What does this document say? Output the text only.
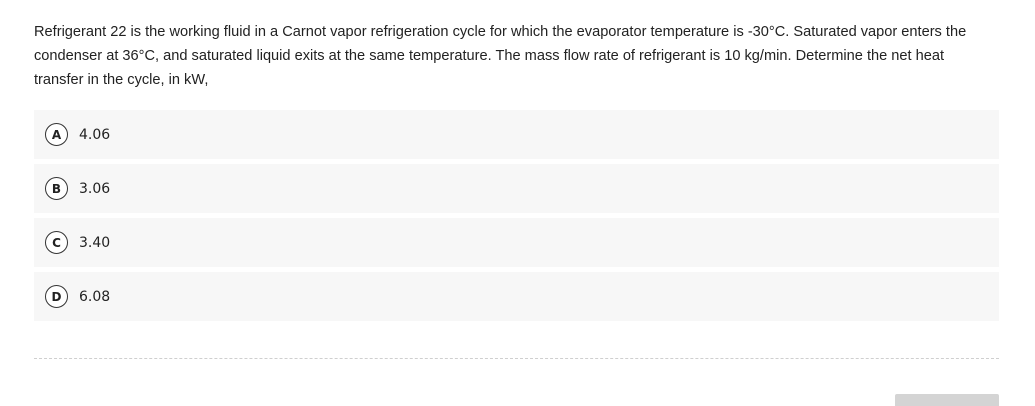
Refrigerant 22 is the working fluid in a Carnot vapor refrigeration cycle for which the evaporator temperature is -30°C. Saturated vapor enters the condenser at 36°C, and saturated liquid exits at the same temperature. The mass flow rate of refrigerant is 10 kg/min. Determine the net heat transfer in the cycle, in kW,
A	4.06
B	3.06
C	3.40
D	6.08
